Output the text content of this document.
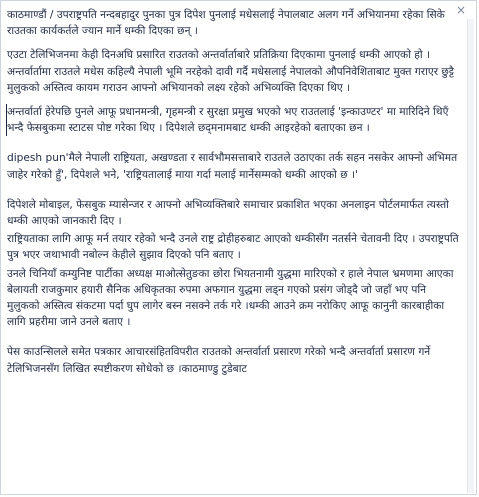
×

काठमाण्डौं / उपराष्ट्रपति नन्दबहादुर पुनका पुत्र दिपेश पुनलाई मधेसलाई नेपालबाट अलग गर्ने अभियानमा रहेका सिके राउतका कार्यकर्तले ज्यान मार्ने धम्की दिएका छन् ।

एउटा टेलिभिजनमा केही दिनअघि प्रसारित राउतको अन्तर्वार्ताबारे प्रतिक्रिया दिएकामा पुनलाई धम्की आएको हो । अन्तर्वार्तामा राउतले मधेस कहिल्यै नेपाली भूमि नरहेको दावी गर्दै मधेसलाई नेपालको औपनिवेशिताबाट मुक्त गराएर छुट्टै मुलुकको अस्तित्व कायम गराउन आफ्नो अभियानको लक्ष्य रहेको अभिव्यक्ति दिएका थिए ।

अन्तर्वार्ता हेरेपछि पुनले आफू प्रधानमन्त्री, गृहमन्त्री र सुरक्षा प्रमुख भएको भए राउतलाई 'इन्काउण्टर' मा मारिदिने थिएँ भन्दै फेसबुकमा स्टाटस पोष्ट गरेका थिए । दिपेशले छद्‌मनामबाट धम्की आइरहेको बताएका छन ।

dipesh pun'मैले नेपाली राष्ट्रियता, अखण्डता र सार्वभौमसत्ताबारे राउतले उठाएका तर्क सहन नसकेर आफ्नो अभिमत जाहेर गरेको हुँ', दिपेशले भने, 'राष्ट्रियतालाई माया गर्दा मलाई मार्नेसम्मको धम्की आएको छ ।'

दिपेशले मोबाइल, फेसबुक म्यासेन्जर र आफ्नो अभिव्यक्तिबारे समाचार प्रकाशित भएका अनलाइन पोर्टलमार्फत त्यस्तो धम्की आएको जानकारी दिए ।

राष्ट्रियताका लागि आफू मर्न तयार रहेको भन्दै उनले राष्ट्र द्रोहीहरुबाट आएको धम्कीसँग नतर्सने चेतावनी दिए । उपराष्ट्रपति पुत्र भएर जथाभावी नबोल्न केहीले सुझाव दिएको पनि बताए ।

उनले चिनियाँ कम्युनिष्ट पार्टीका अध्यक्ष माओत्सेतुङका छोरा भियतनामी युद्धमा मारिएको र हाले नेपाल भ्रमणमा आएका बेलायती राजकुमार हयारी सैनिक अधिकृतका रुपमा अफगान युद्धमा लड्न गएको प्रसंग जोड्दै जो जहाँ भए पनि मुलुकको अस्तित्व संकटमा पर्दा घुप लागेर बस्न नसक्ने तर्क गरे ।धम्की आउने क्रम नरोकिए आफू कानुनी कारबाहीका लागि प्रहरीमा जाने उनले बताए ।

पेस काउन्सिलले समेत पत्रकार आचारसंहितविपरीत राउतको अन्तर्वार्ता प्रसारण गरेको भन्दै अन्तर्वार्ता प्रसारण गर्ने टेलिभिजनसँग लिखित स्पष्टीकरण सोधेको छ ।काठमाण्डु टुडेबाट
